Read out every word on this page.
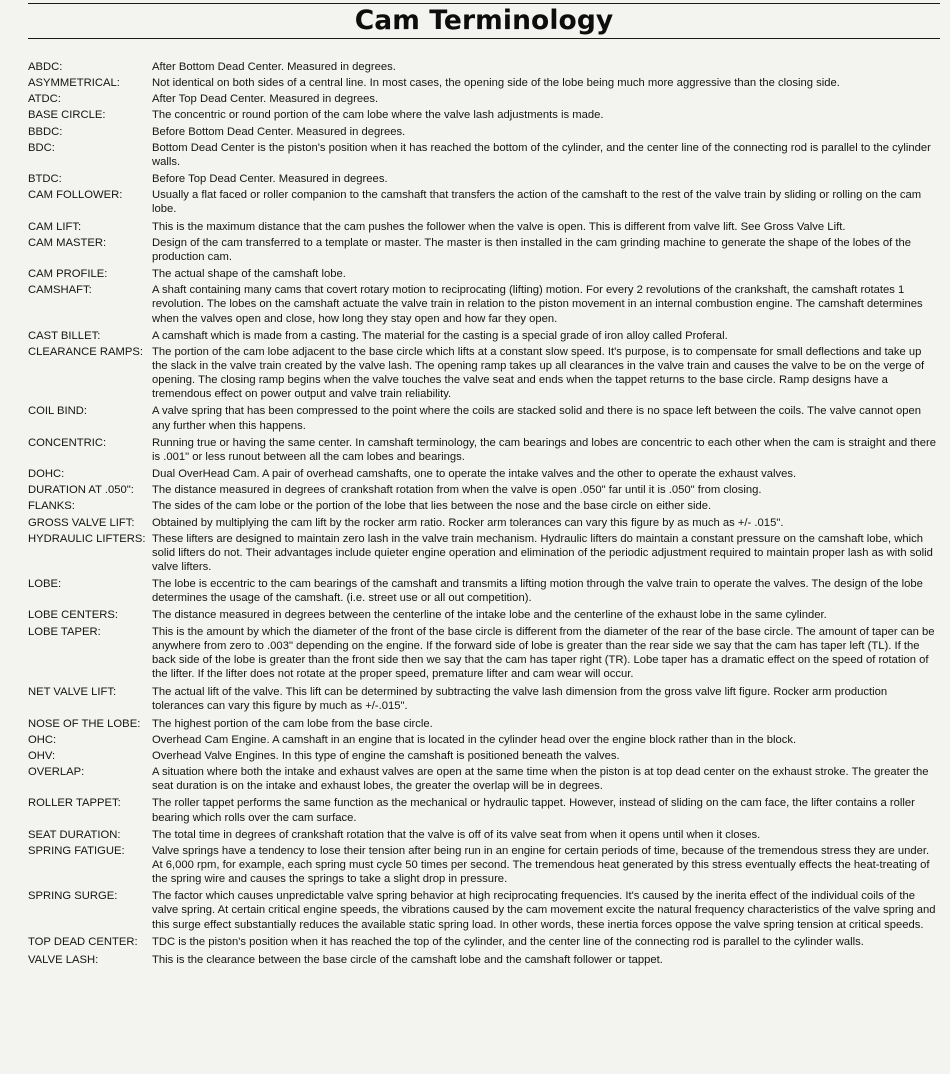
Cam Terminology
ABDC:	After Bottom Dead Center. Measured in degrees.
ASYMMETRICAL:	Not identical on both sides of a central line. In most cases, the opening side of the lobe being much more aggressive than the closing side.
ATDC:	After Top Dead Center. Measured in degrees.
BASE CIRCLE:	The concentric or round portion of the cam lobe where the valve lash adjustments is made.
BBDC:	Before Bottom Dead Center. Measured in degrees.
BDC:	Bottom Dead Center is the piston's position when it has reached the bottom of the cylinder, and the center line of the connecting rod is parallel to the cylinder walls.
BTDC:	Before Top Dead Center. Measured in degrees.
CAM FOLLOWER:	Usually a flat faced or roller companion to the camshaft that transfers the action of the camshaft to the rest of the valve train by sliding or rolling on the cam lobe.
CAM LIFT:	This is the maximum distance that the cam pushes the follower when the valve is open. This is different from valve lift. See Gross Valve Lift.
CAM MASTER:	Design of the cam transferred to a template or master. The master is then installed in the cam grinding machine to generate the shape of the lobes of the production cam.
CAM PROFILE:	The actual shape of the camshaft lobe.
CAMSHAFT:	A shaft containing many cams that covert rotary motion to reciprocating (lifting) motion. For every 2 revolutions of the crankshaft, the camshaft rotates 1 revolution. The lobes on the camshaft actuate the valve train in relation to the piston movement in an internal combustion engine. The camshaft determines when the valves open and close, how long they stay open and how far they open.
CAST BILLET:	A camshaft which is made from a casting. The material for the casting is a special grade of iron alloy called Proferal.
CLEARANCE RAMPS: The portion of the cam lobe adjacent to the base circle which lifts at a constant slow speed. It's purpose, is to compensate for small deflections and take up the slack in the valve train created by the valve lash. The opening ramp takes up all clearances in the valve train and causes the valve to be on the verge of opening. The closing ramp begins when the valve touches the valve seat and ends when the tappet returns to the base circle. Ramp designs have a tremendous effect on power output and valve train reliability.
COIL BIND:	A valve spring that has been compressed to the point where the coils are stacked solid and there is no space left between the coils. The valve cannot open any further when this happens.
CONCENTRIC:	Running true or having the same center. In camshaft terminology, the cam bearings and lobes are concentric to each other when the cam is straight and there is .001" or less runout between all the cam lobes and bearings.
DOHC:	Dual OverHead Cam. A pair of overhead camshafts, one to operate the intake valves and the other to operate the exhaust valves.
DURATION AT .050":	The distance measured in degrees of crankshaft rotation from when the valve is open .050" far until it is .050" from closing.
FLANKS:	The sides of the cam lobe or the portion of the lobe that lies between the nose and the base circle on either side.
GROSS VALVE LIFT:	Obtained by multiplying the cam lift by the rocker arm ratio. Rocker arm tolerances can vary this figure by as much as +/- .015".
HYDRAULIC LIFTERS: These lifters are designed to maintain zero lash in the valve train mechanism. Hydraulic lifters do maintain a constant pressure on the camshaft lobe, which solid lifters do not. Their advantages include quieter engine operation and elimination of the periodic adjustment required to maintain proper lash as with solid valve lifters.
LOBE:	The lobe is eccentric to the cam bearings of the camshaft and transmits a lifting motion through the valve train to operate the valves. The design of the lobe determines the usage of the camshaft. (i.e. street use or all out competition).
LOBE CENTERS:	The distance measured in degrees between the centerline of the intake lobe and the centerline of the exhaust lobe in the same cylinder.
LOBE TAPER:	This is the amount by which the diameter of the front of the base circle is different from the diameter of the rear of the base circle. The amount of taper can be anywhere from zero to .003" depending on the engine. If the forward side of lobe is greater than the rear side we say that the cam has taper left (TL). If the back side of the lobe is greater than the front side then we say that the cam has taper right (TR). Lobe taper has a dramatic effect on the speed of rotation of the lifter. If the lifter does not rotate at the proper speed, premature lifter and cam wear will occur.
NET VALVE LIFT:	The actual lift of the valve. This lift can be determined by subtracting the valve lash dimension from the gross valve lift figure. Rocker arm production tolerances can vary this figure by much as +/-.015".
NOSE OF THE LOBE:	The highest portion of the cam lobe from the base circle.
OHC:	Overhead Cam Engine. A camshaft in an engine that is located in the cylinder head over the engine block rather than in the block.
OHV:	Overhead Valve Engines. In this type of engine the camshaft is positioned beneath the valves.
OVERLAP:	A situation where both the intake and exhaust valves are open at the same time when the piston is at top dead center on the exhaust stroke. The greater the seat duration is on the intake and exhaust lobes, the greater the overlap will be in degrees.
ROLLER TAPPET:	The roller tappet performs the same function as the mechanical or hydraulic tappet. However, instead of sliding on the cam face, the lifter contains a roller bearing which rolls over the cam surface.
SEAT DURATION:	The total time in degrees of crankshaft rotation that the valve is off of its valve seat from when it opens until when it closes.
SPRING FATIGUE:	Valve springs have a tendency to lose their tension after being run in an engine for certain periods of time, because of the tremendous stress they are under. At 6,000 rpm, for example, each spring must cycle 50 times per second. The tremendous heat generated by this stress eventually effects the heat-treating of the spring wire and causes the springs to take a slight drop in pressure.
SPRING SURGE:	The factor which causes unpredictable valve spring behavior at high reciprocating frequencies. It's caused by the inerita effect of the individual coils of the valve spring. At certain critical engine speeds, the vibrations caused by the cam movement excite the natural frequency characteristics of the valve spring and this surge effect substantially reduces the available static spring load. In other words, these inertia forces oppose the valve spring tension at critical speeds.
TOP DEAD CENTER:	TDC is the piston's position when it has reached the top of the cylinder, and the center line of the connecting rod is parallel to the cylinder walls.
VALVE LASH:	This is the clearance between the base circle of the camshaft lobe and the camshaft follower or tappet.
